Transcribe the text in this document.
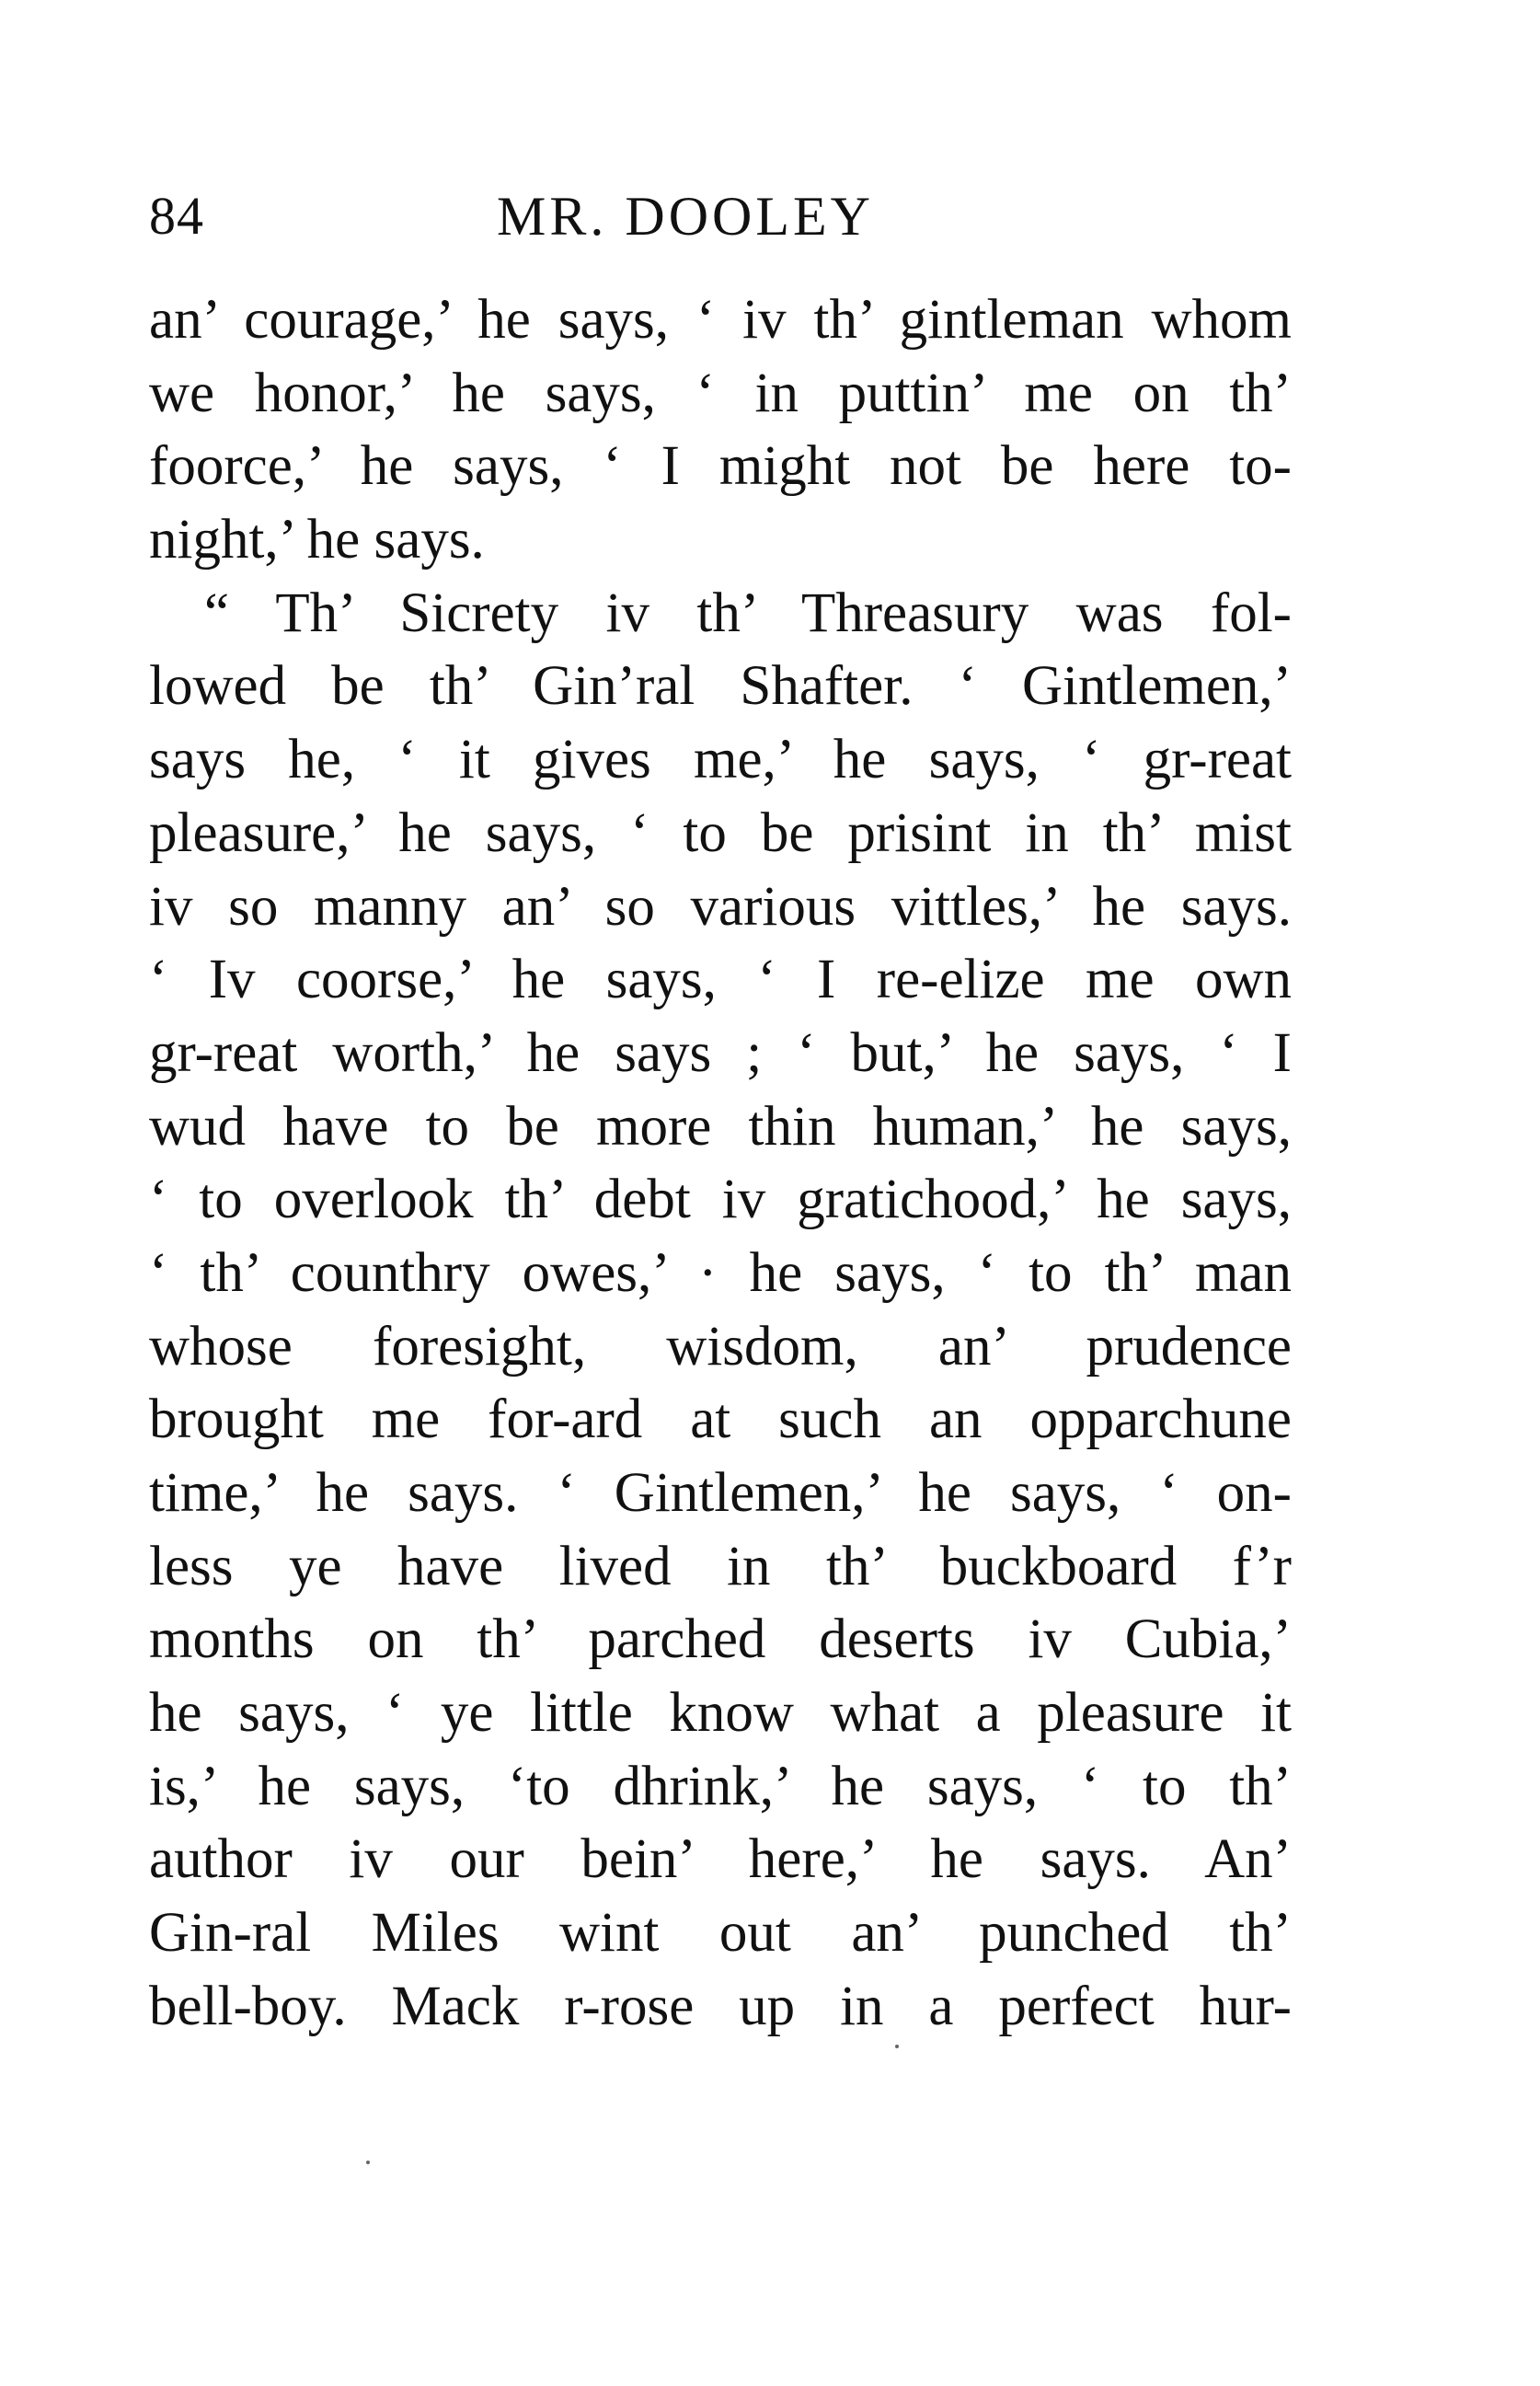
84	MR. DOOLEY
an’ courage,’ he says, ‘ iv th’ gintleman whom
we honor,’ he says, ‘ in puttin’ me on th’
foorce,’ he says, ‘ I might not be here to-
night,’ he says.
“ Th’ Sicrety iv th’ Threasury was fol-
lowed be th’ Gin’ral Shafter. ‘ Gintlemen,’
says he, ‘ it gives me,’ he says, ‘ gr-reat
pleasure,’ he says, ‘ to be prisint in th’ mist
iv so manny an’ so various vittles,’ he says.
‘ Iv coorse,’ he says, ‘ I re-elize me own
gr-reat worth,’ he says ; ‘ but,’ he says, ‘ I
wud have to be more thin human,’ he says,
‘ to overlook th’ debt iv gratichood,’ he says,
‘ th’ counthry owes,’ · he says, ‘ to th’ man
whose foresight, wisdom, an’ prudence
brought me for-ard at such an opparchune
time,’ he says. ‘ Gintlemen,’ he says, ‘ on-
less ye have lived in th’ buckboard f’r
months on th’ parched deserts iv Cubia,’
he says, ‘ ye little know what a pleasure it
is,’ he says, ‘to dhrink,’ he says, ‘ to th’
author iv our bein’ here,’ he says. An’
Gin-ral Miles wint out an’ punched th’
bell-boy. Mack r-rose up in a perfect hur-
